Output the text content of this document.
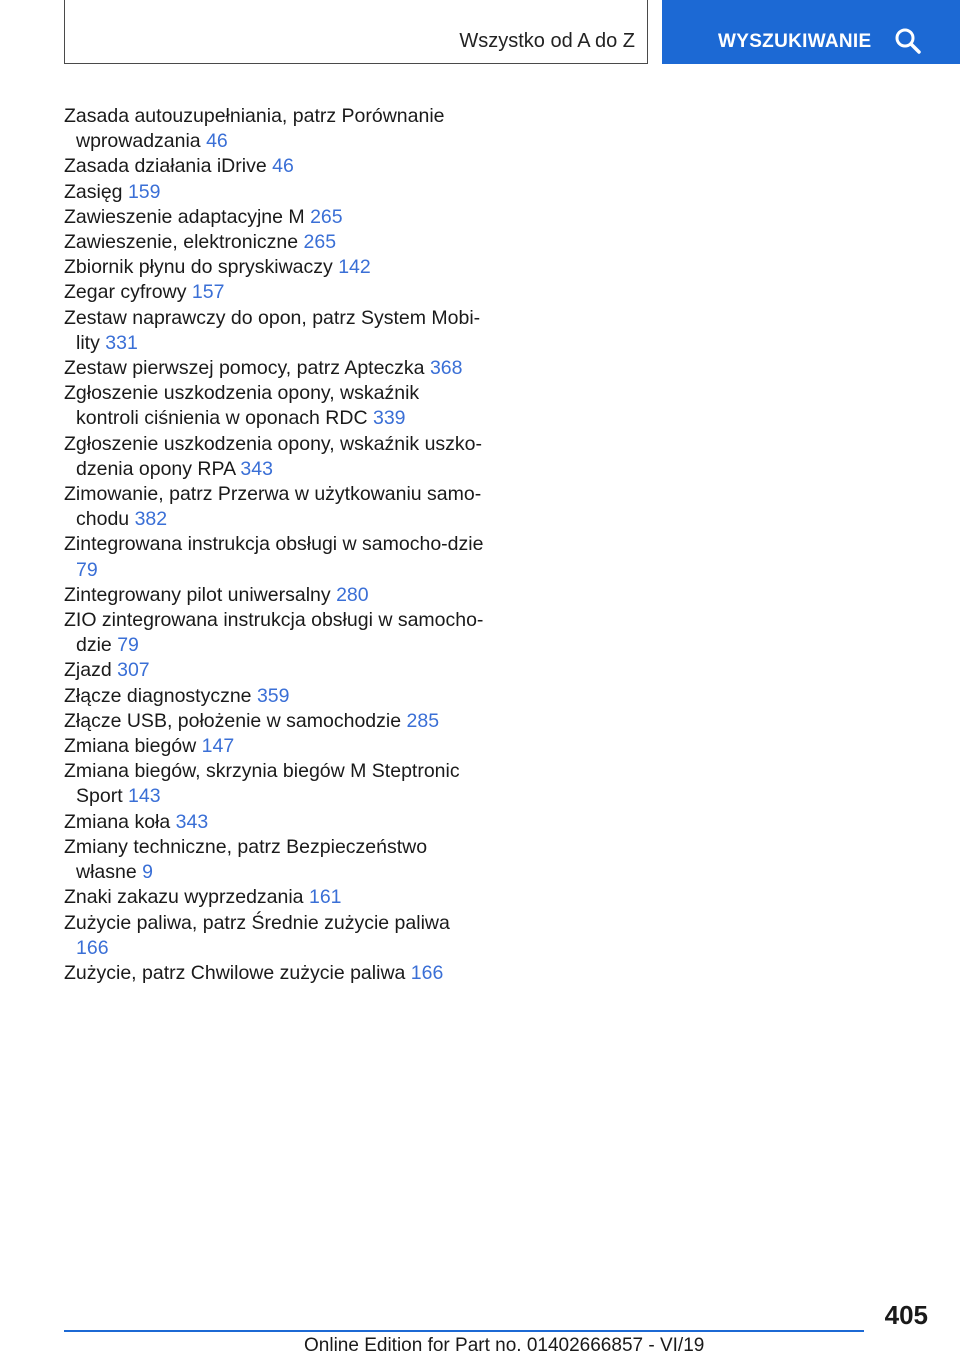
Wszystko od A do Z	WYSZUKIWANIE
Zasada autouzupełniania, patrz Porównanie wprowadzania 46
Zasada działania iDrive 46
Zasięg 159
Zawieszenie adaptacyjne M 265
Zawieszenie, elektroniczne 265
Zbiornik płynu do spryskiwaczy 142
Zegar cyfrowy 157
Zestaw naprawczy do opon, patrz System Mobi‐lity 331
Zestaw pierwszej pomocy, patrz Apteczka 368
Zgłoszenie uszkodzenia opony, wskaźnik kontroli ciśnienia w oponach RDC 339
Zgłoszenie uszkodzenia opony, wskaźnik uszko‐dzenia opony RPA 343
Zimowanie, patrz Przerwa w użytkowaniu samo‐chodu 382
Zintegrowana instrukcja obsługi w samocho‐dzie 79
Zintegrowany pilot uniwersalny 280
ZIO zintegrowana instrukcja obsługi w samocho‐dzie 79
Zjazd 307
Złącze diagnostyczne 359
Złącze USB, położenie w samochodzie 285
Zmiana biegów 147
Zmiana biegów, skrzynia biegów M Steptronic Sport 143
Zmiana koła 343
Zmiany techniczne, patrz Bezpieczeństwo własne 9
Znaki zakazu wyprzedzania 161
Zużycie paliwa, patrz Średnie zużycie paliwa 166
Zużycie, patrz Chwilowe zużycie paliwa 166
405
Online Edition for Part no. 01402666857 - VI/19
